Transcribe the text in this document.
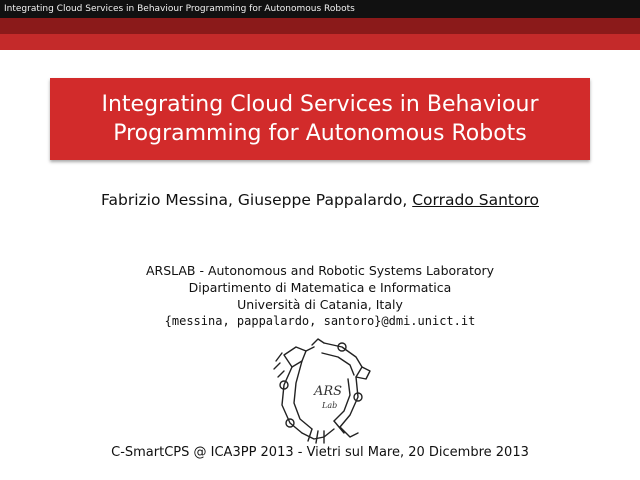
Integrating Cloud Services in Behaviour Programming for Autonomous Robots
Integrating Cloud Services in Behaviour
Programming for Autonomous Robots
Fabrizio Messina, Giuseppe Pappalardo, Corrado Santoro
ARSLAB - Autonomous and Robotic Systems Laboratory
Dipartimento di Matematica e Informatica
Università di Catania, Italy
{messina, pappalardo, santoro}@dmi.unict.it
ARS
Lab
C-SmartCPS @ ICA3PP 2013 - Vietri sul Mare, 20 Dicembre 2013
